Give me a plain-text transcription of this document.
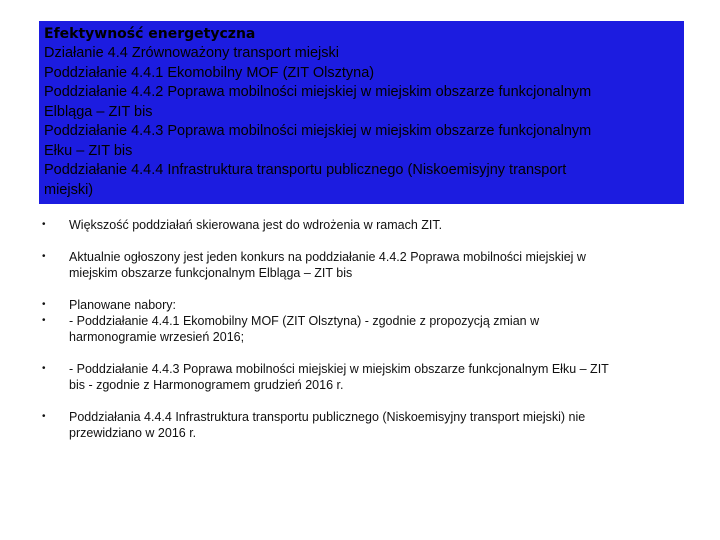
Efektywność energetyczna
Działanie 4.4 Zrównoważony transport miejski
Poddziałanie 4.4.1 Ekomobilny MOF (ZIT Olsztyna)
Poddziałanie 4.4.2 Poprawa mobilności miejskiej w miejskim obszarze funkcjonalnym
Elbląga – ZIT bis
Poddziałanie 4.4.3 Poprawa mobilności miejskiej w miejskim obszarze funkcjonalnym
Ełku – ZIT bis
Poddziałanie 4.4.4 Infrastruktura transportu publicznego (Niskoemisyjny transport
miejski)
•	Większość poddziałań skierowana jest do wdrożenia w ramach ZIT.
•	Aktualnie ogłoszony jest jeden konkurs na poddziałanie 4.4.2 Poprawa mobilności miejskiej w
miejskim obszarze funkcjonalnym Elbląga – ZIT bis
•
•
Planowane nabory:
- Poddziałanie 4.4.1 Ekomobilny MOF (ZIT Olsztyna) - zgodnie z propozycją zmian w
harmonogramie wrzesień 2016;
•	- Poddziałanie 4.4.3 Poprawa mobilności miejskiej w miejskim obszarze funkcjonalnym Ełku – ZIT
bis - zgodnie z Harmonogramem grudzień 2016 r.
•	Poddziałania 4.4.4 Infrastruktura transportu publicznego (Niskoemisyjny transport miejski) nie
przewidziano w 2016 r.
